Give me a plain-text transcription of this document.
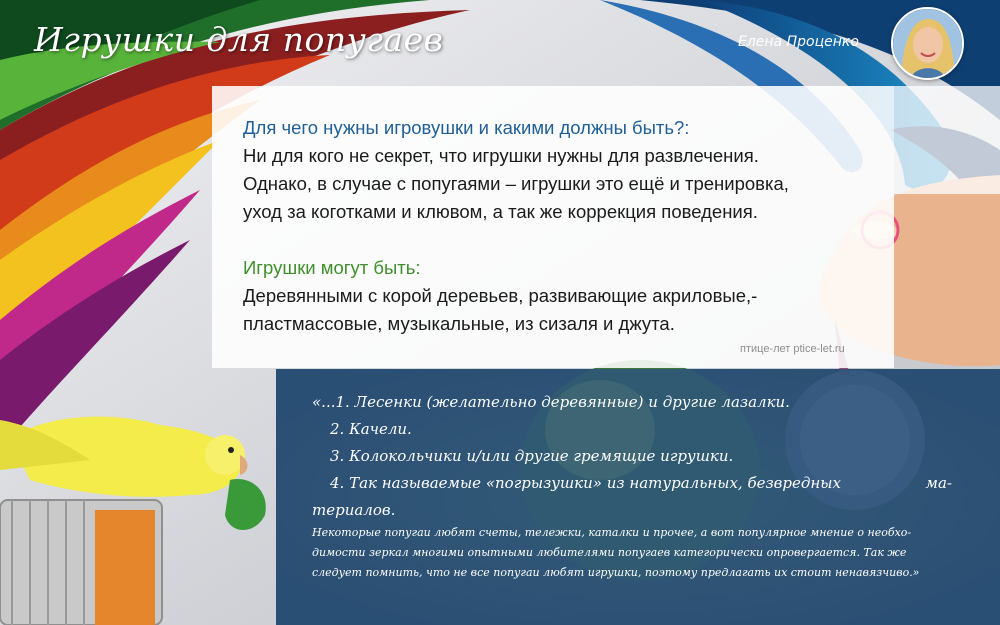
Игрушки для попугаев	Елена Проценко
Для чего нужны игровушки и какими должны быть?:
Ни для кого не секрет, что игрушки нужны для развлечения.
Однако, в случае с попугаями – игрушки это ещё и тренировка,
уход за коготками и клювом, а так же коррекция поведения.
Игрушки могут быть:
Деревянными с корой деревьев, развивающие акриловые,-
пластмассовые, музыкальные, из сизаля и джута.
птице-лет ptice-let.ru
«...1. Лесенки (желательно деревянные) и другие лазалки.
2. Качели.
3. Колокольчики и/или другие гремящие игрушки.
4. Так называемые «погрызушки» из натуральных, безвредных	ма-
териалов.
Некоторые попугаи любят счеты, тележки, каталки и прочее, а вот популярное мнение о необхо-
димости зеркал многими опытными любителями попугаев категорически опровергается. Так же
следует помнить, что не все попугаи любят игрушки, поэтому предлагать их стоит ненавязчиво.»
